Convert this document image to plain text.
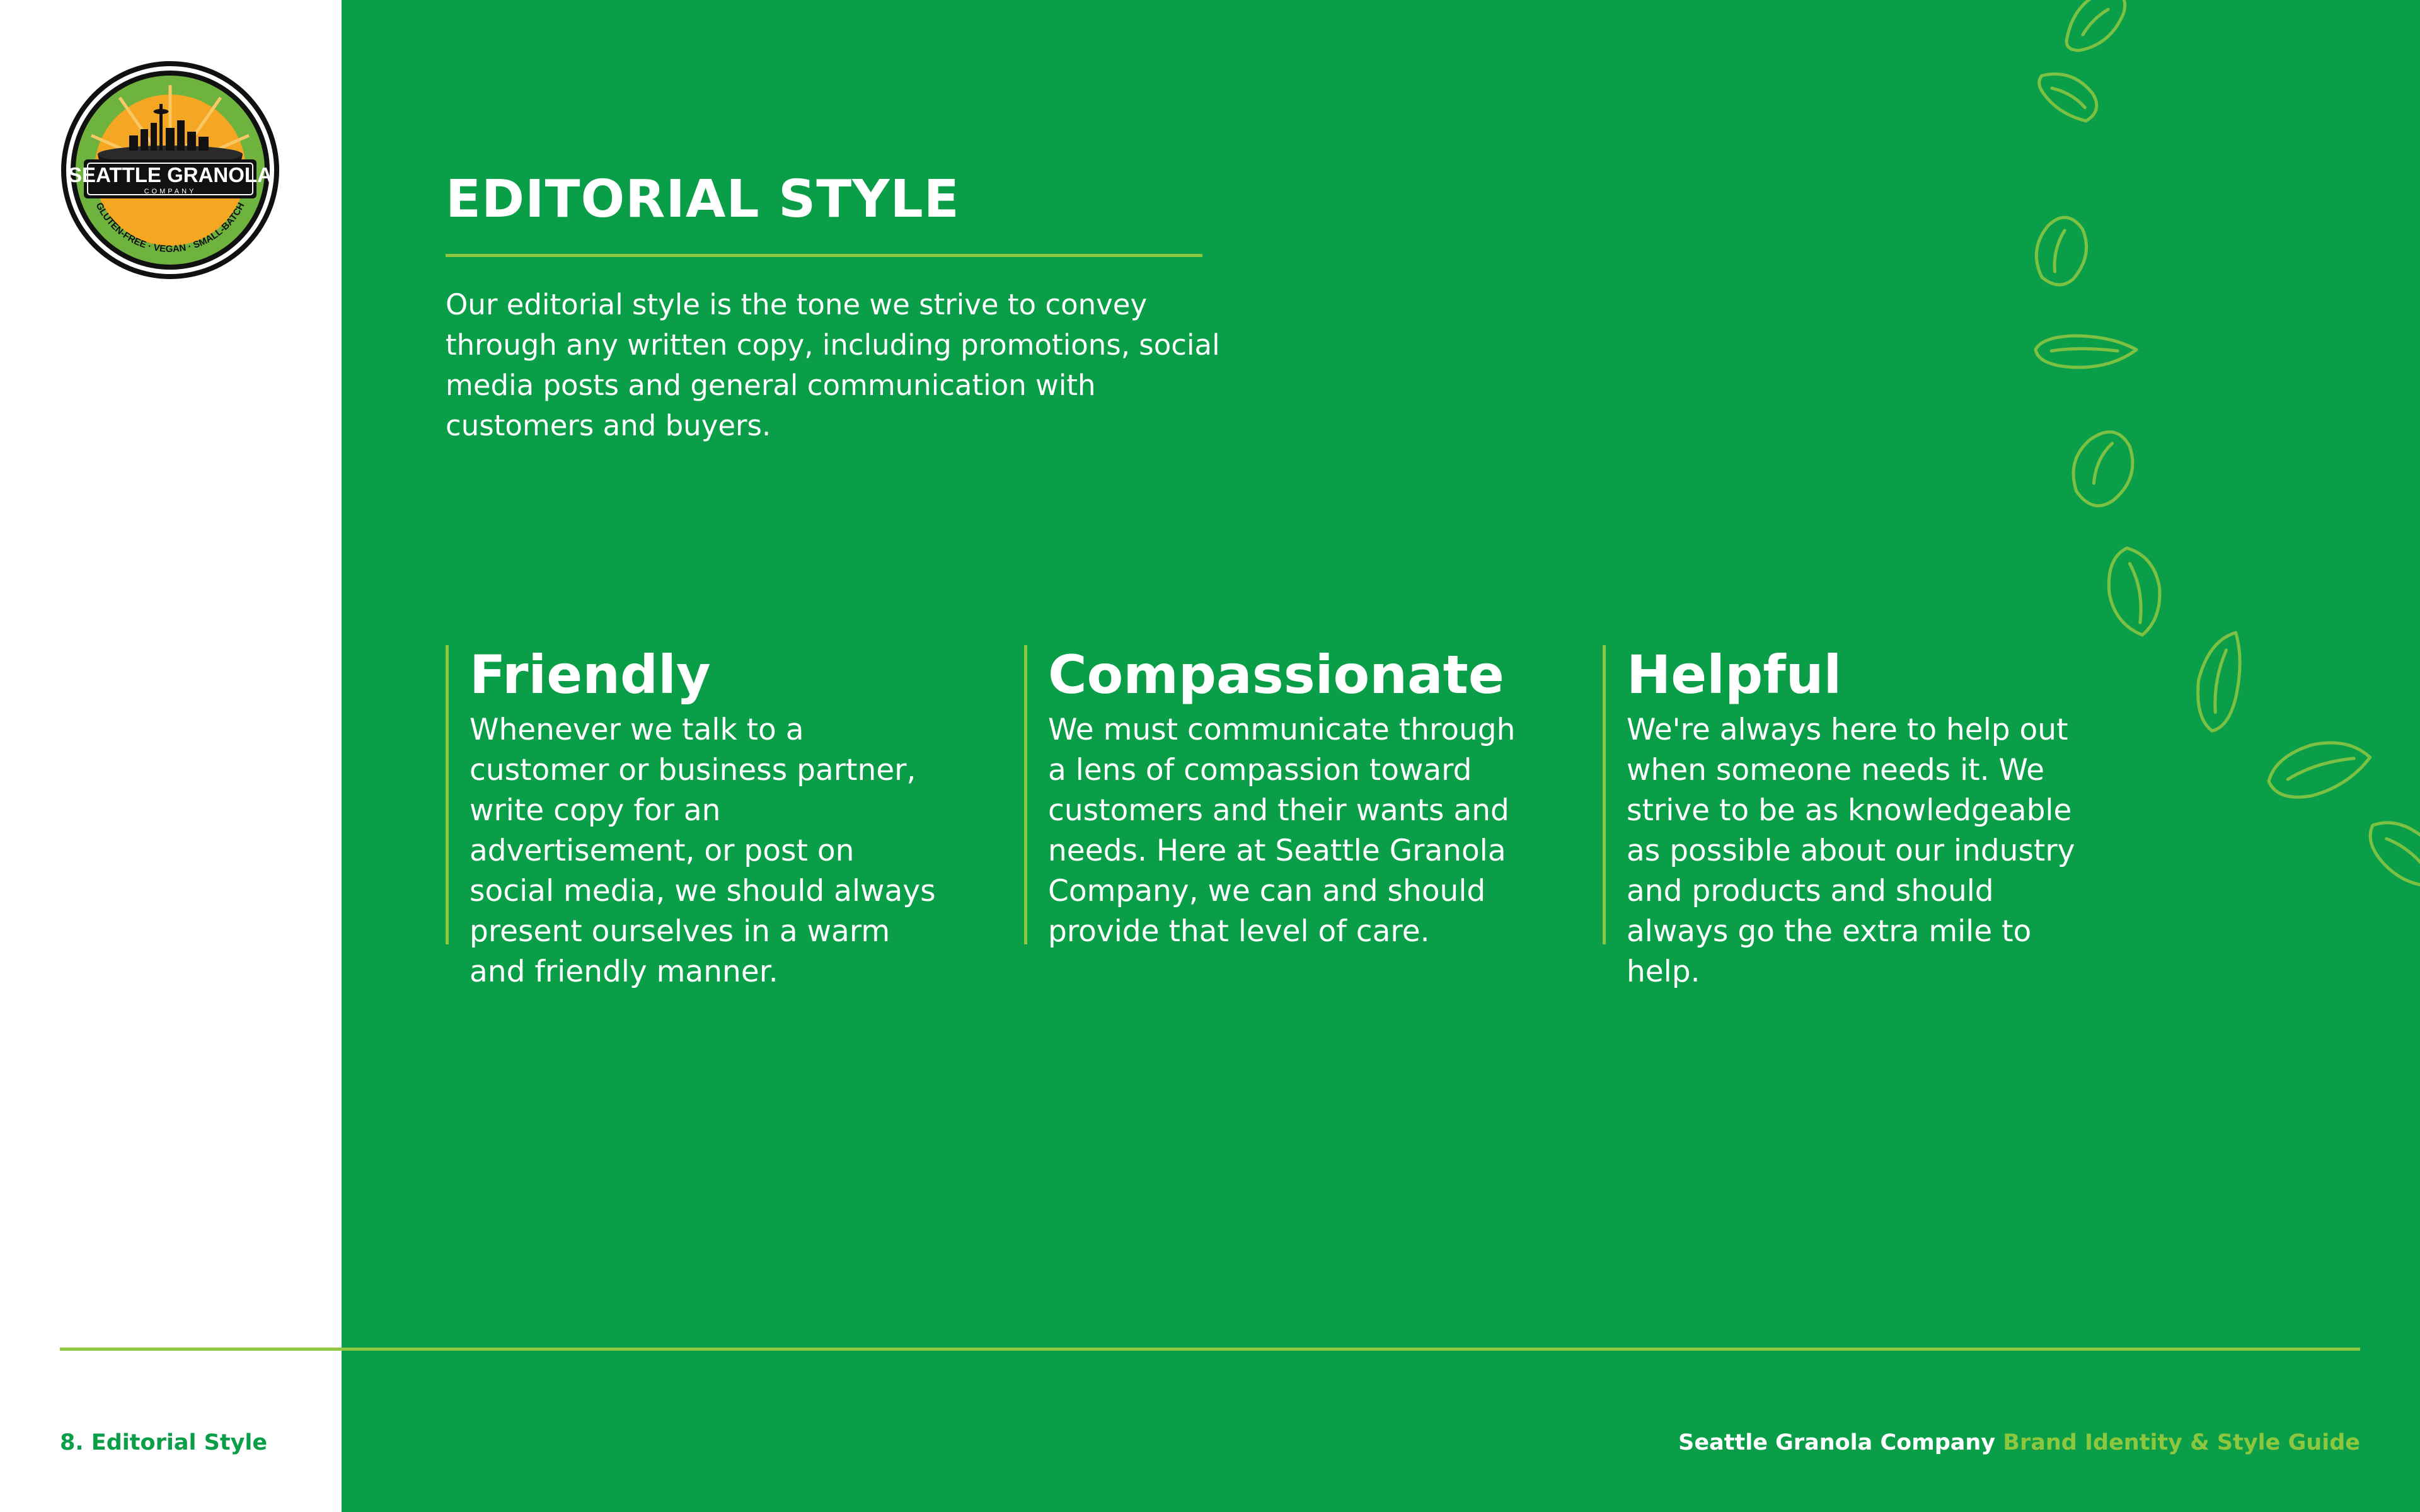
SEATTLE GRANOLA
COMPANY
GLUTEN-FREE · VEGAN · SMALL-BATCH	EDITORIAL STYLE

Our editorial style is the tone we strive to convey through any written copy, including promotions, social media posts and general communication with customers and buyers.

Friendly

Whenever we talk to a customer or business partner, write copy for an advertisement, or post on social media, we should always present ourselves in a warm and friendly manner.

Compassionate

We must communicate through a lens of compassion toward customers and their wants and needs. Here at Seattle Granola Company, we can and should provide that level of care.

Helpful

We're always here to help out when someone needs it. We strive to be as knowledgeable as possible about our industry and products and should always go the extra mile to help.

8. Editorial Style	Seattle Granola Company Brand Identity & Style Guide
